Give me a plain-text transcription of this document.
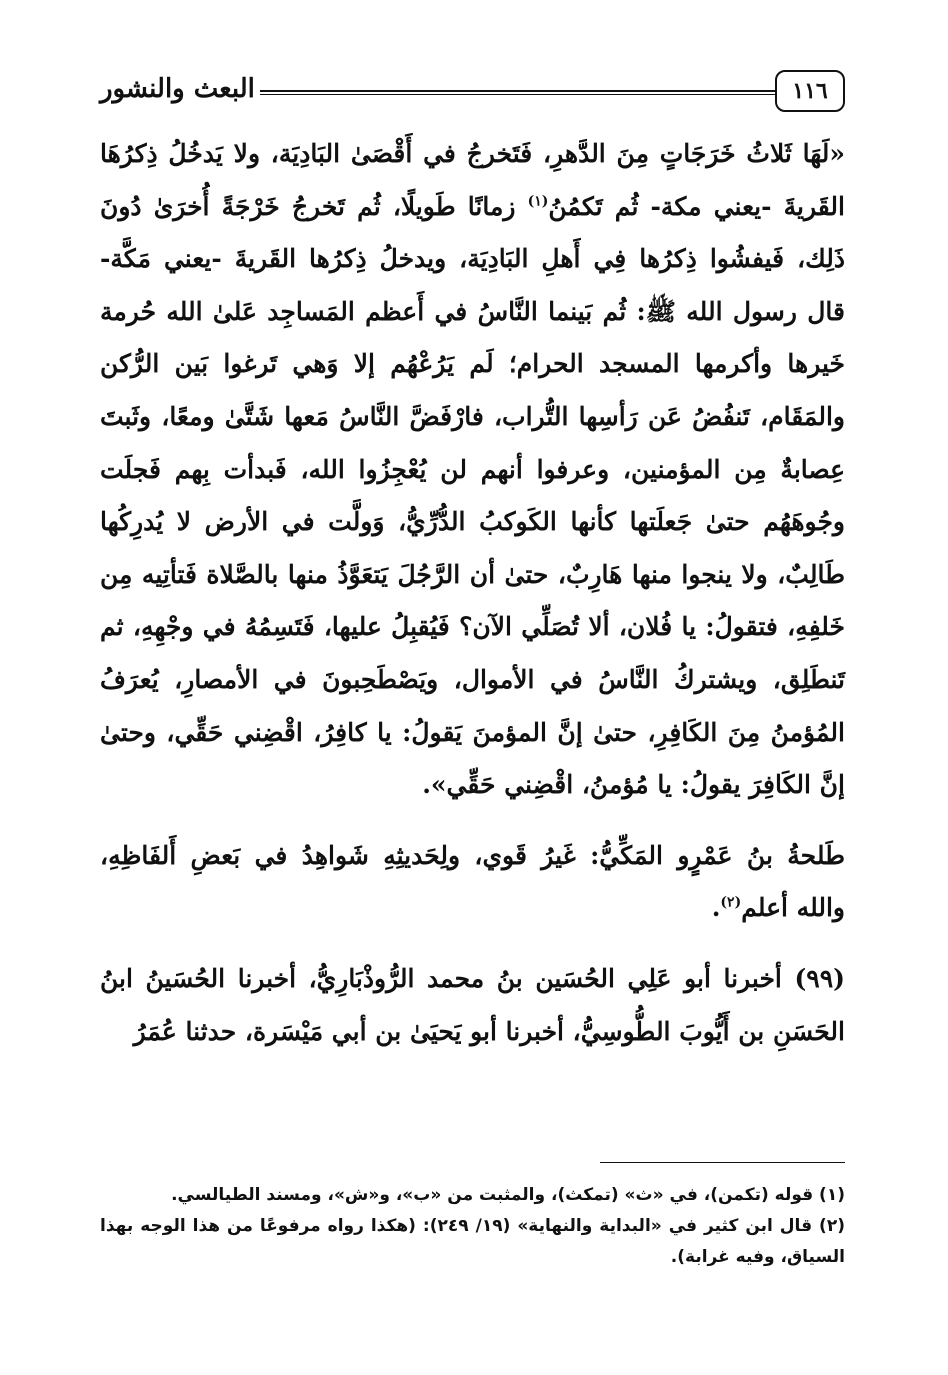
البعث والنشور	١١٦

«لَهَا ثَلاثُ خَرَجَاتٍ مِنَ الدَّهرِ، فَتَخرجُ في أَقْصَىٰ البَادِيَة، ولا يَدخُلُ ذِكرُهَا القَريةَ -يعني مكة- ثُم تَكمُنُ$^{(١)}$ زمانًا طَويلًا، ثُم تَخرجُ خَرْجَةً أُخرَىٰ دُونَ ذَلِك، فَيفشُوا ذِكرُها فِي أَهلِ البَادِيَة، ويدخلُ ذِكرُها القَريةَ -يعني مَكَّة- قال رسول الله ﷺ: ثُم بَينما النَّاسُ في أَعظم المَساجِد عَلىٰ الله حُرمة خَيرها وأكرمها المسجد الحرام؛ لَم يَرُعْهُم إلا وَهي تَرغوا بَين الرُّكن والمَقَام، تَنفُضُ عَن رَأسِها التُّراب، فارْفَضَّ النَّاسُ مَعها شَتَّىٰ ومعًا، وثَبتَ عِصابةٌ مِن المؤمنين، وعرفوا أنهم لن يُعْجِزُوا الله، فَبدأت بِهم فَجلَت وجُوهَهُم حتىٰ جَعلَتها كأنها الكَوكبُ الدُّرِّيُّ، وَولَّت في الأرض لا يُدرِكُها طَالِبٌ، ولا ينجوا منها هَارِبٌ، حتىٰ أن الرَّجُلَ يَتعَوَّذُ منها بالصَّلاة فَتأتِيه مِن خَلفِهِ، فتقولُ: يا فُلان، ألا تُصَلِّي الآن؟ فَيُقبِلُ عليها، فَتَسِمُهُ في وجْهِهِ، ثم تَنطَلِق، ويشتركُ النَّاسُ في الأموال، ويَصْطَحِبونَ في الأمصارِ، يُعرَفُ المُؤمنُ مِنَ الكَافِرِ، حتىٰ إنَّ المؤمنَ يَقولُ: يا كافِرُ، اقْضِني حَقِّي، وحتىٰ إنَّ الكَافِرَ يقولُ: يا مُؤمنُ، اقْضِني حَقِّي».

طَلحةُ بنُ عَمْرٍو المَكِّيُّ: غَيرُ قَوي، ولِحَديثِهِ شَواهِدُ في بَعضِ أَلفَاظِهِ، والله أعلم$^{(٢)}$.

(٩٩) أخبرنا أبو عَلِي الحُسَين بنُ محمد الرُّوذْبَارِيُّ، أخبرنا الحُسَينُ ابنُ الحَسَنِ بن أَيُّوبَ الطُّوسِيُّ، أخبرنا أبو يَحيَىٰ بن أبي مَيْسَرة، حدثنا عُمَرُ

(١) قوله (تكمن)، في «ث» (تمكث)، والمثبت من «ب»، و«ش»، ومسند الطيالسي.

(٢) قال ابن كثير في «البداية والنهاية» (١٩/ ٢٤٩): (هكذا رواه مرفوعًا من هذا الوجه بهذا السياق، وفيه غرابة).
